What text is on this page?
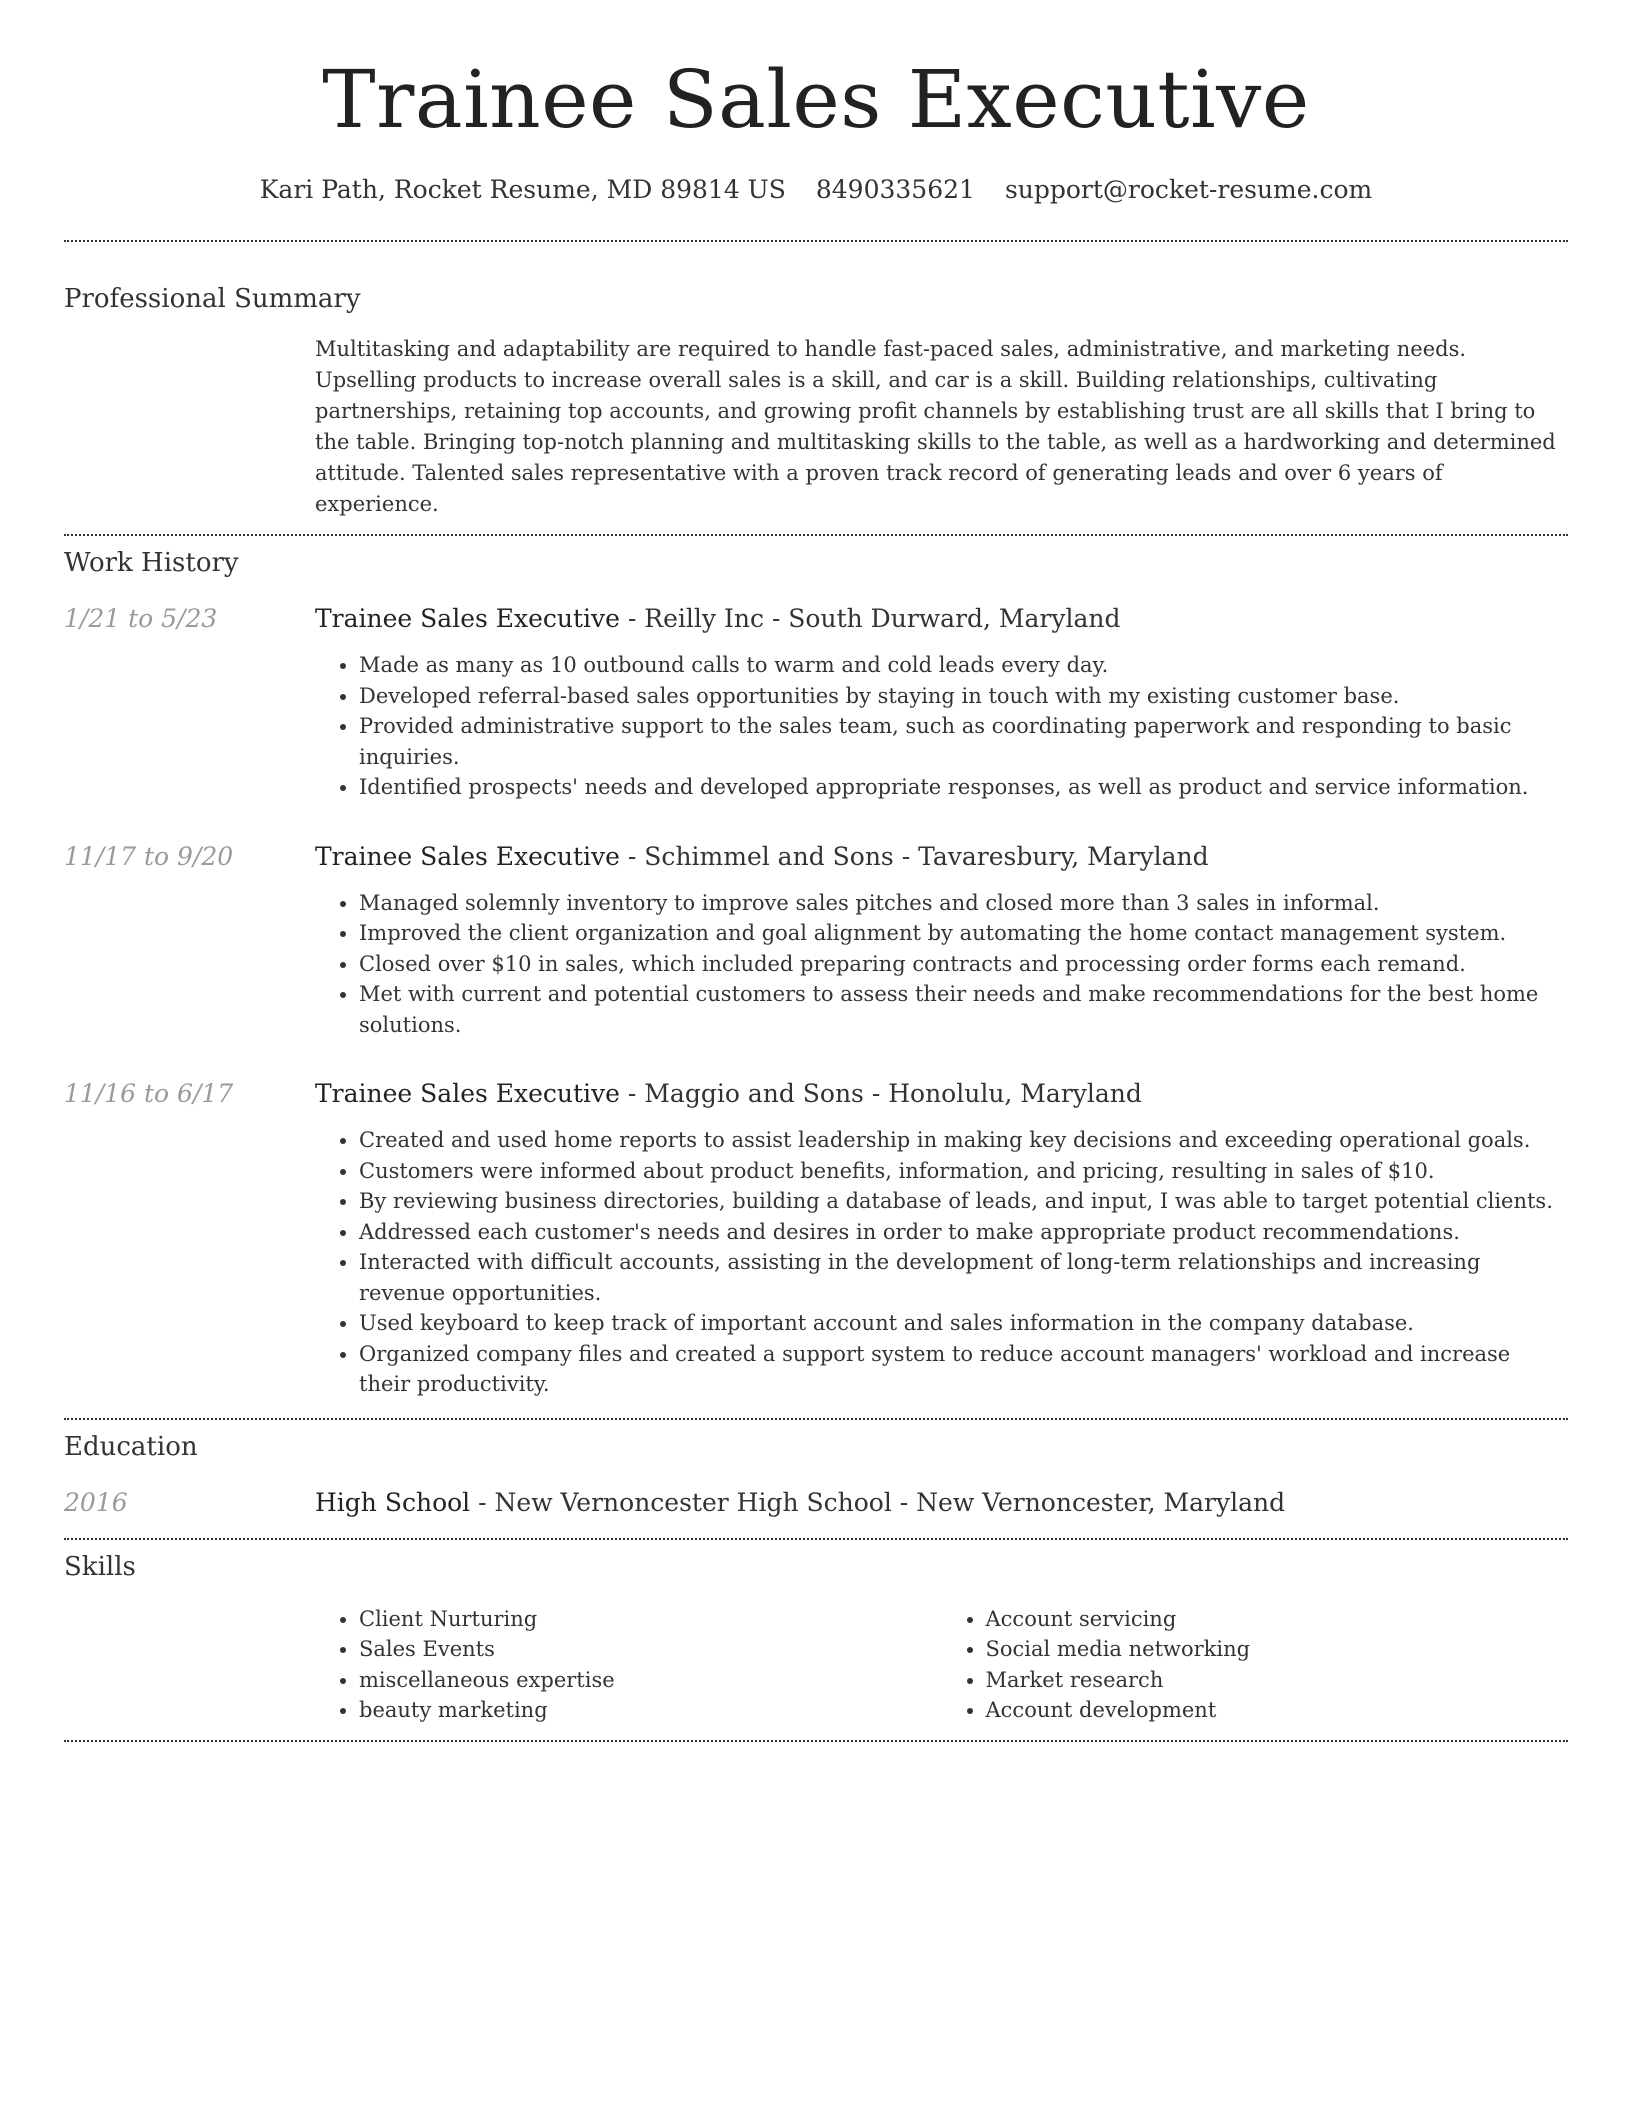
Trainee Sales Executive
Kari Path, Rocket Resume, MD 89814 US 8490335621 support@rocket-resume.com
Professional Summary

Multitasking and adaptability are required to handle fast-paced sales, administrative, and marketing needs. Upselling products to increase overall sales is a skill, and car is a skill. Building relationships, cultivating partnerships, retaining top accounts, and growing profit channels by establishing trust are all skills that I bring to the table. Bringing top-notch planning and multitasking skills to the table, as well as a hardworking and determined attitude. Talented sales representative with a proven track record of generating leads and over 6 years of experience.

Work History
1/21 to 5/23	Trainee Sales Executive - Reilly Inc - South Durward, Maryland
• Made as many as 10 outbound calls to warm and cold leads every day.
• Developed referral-based sales opportunities by staying in touch with my existing customer base.
• Provided administrative support to the sales team, such as coordinating paperwork and responding to basic inquiries.
• Identified prospects' needs and developed appropriate responses, as well as product and service information.
11/17 to 9/20	Trainee Sales Executive - Schimmel and Sons - Tavaresbury, Maryland
• Managed solemnly inventory to improve sales pitches and closed more than 3 sales in informal.
• Improved the client organization and goal alignment by automating the home contact management system.
• Closed over $10 in sales, which included preparing contracts and processing order forms each remand.
• Met with current and potential customers to assess their needs and make recommendations for the best home solutions.
11/16 to 6/17	Trainee Sales Executive - Maggio and Sons - Honolulu, Maryland
• Created and used home reports to assist leadership in making key decisions and exceeding operational goals.
• Customers were informed about product benefits, information, and pricing, resulting in sales of $10.
• By reviewing business directories, building a database of leads, and input, I was able to target potential clients.
• Addressed each customer's needs and desires in order to make appropriate product recommendations.
• Interacted with difficult accounts, assisting in the development of long-term relationships and increasing revenue opportunities.
• Used keyboard to keep track of important account and sales information in the company database.
• Organized company files and created a support system to reduce account managers' workload and increase their productivity.
Education
2016	High School - New Vernoncester High School - New Vernoncester, Maryland
Skills
• Client Nurturing
• Sales Events
• miscellaneous expertise
• beauty marketing
• Account servicing
• Social media networking
• Market research
• Account development
